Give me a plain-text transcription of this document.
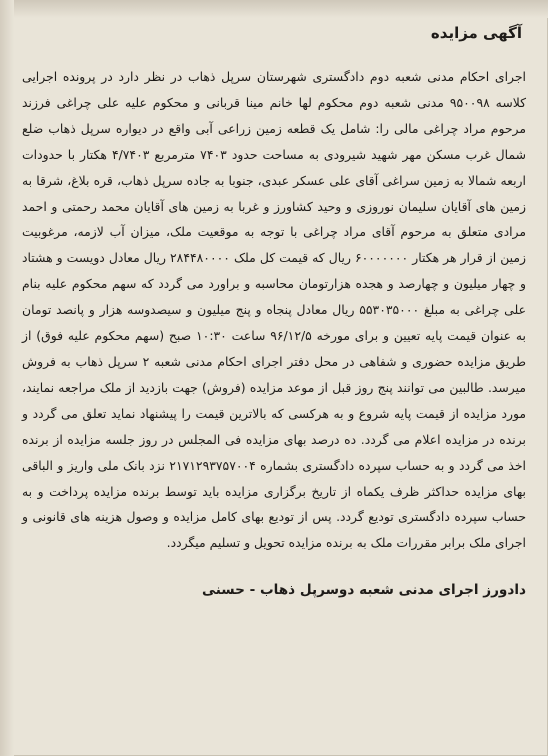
آگهی مزایده

اجرای احکام مدنی شعبه دوم دادگستری شهرستان سرپل ذهاب در نظر دارد در پرونده اجرایی کلاسه ۹۵۰۰۹۸ مدنی شعبه دوم محکوم لها خانم مینا قربانی و محکوم علیه علی چراغی فرزند مرحوم مراد چراغی مالی را: شامل یک قطعه زمین زراعی آبی واقع در دیواره سرپل ذهاب ضلع شمال غرب مسکن مهر شهید شیرودی به مساحت حدود ۷۴۰۳ مترمربع ۴/۷۴۰۳ هکتار با حدودات اربعه شمالا به زمین سراغی آقای علی عسکر عبدی، جنوبا به جاده سرپل ذهاب، قره بلاغ، شرقا به زمین های آقایان سلیمان نوروزی و وحید کشاورز و غربا به زمین های آقایان محمد رحمتی و احمد مرادی متعلق به مرحوم آقای مراد چراغی با توجه به موقعیت ملک، میزان آب لازمه، مرغوبیت زمین از قرار هر هکتار ۶۰۰۰۰۰۰۰ ریال که قیمت کل ملک ۲۸۴۴۸۰۰۰۰ ریال معادل دویست و هشتاد و چهار میلیون و چهارصد و هجده هزارتومان محاسبه و براورد می گردد که سهم محکوم علیه بنام علی چراغی به مبلغ ۵۵۳۰۳۵۰۰۰ ریال معادل پنجاه و پنج میلیون و سیصدوسه هزار و پانصد تومان به عنوان قیمت پایه تعیین و برای مورخه ۹۶/۱۲/۵ ساعت ۱۰:۳۰ صبح (سهم محکوم علیه فوق) از طریق مزایده حضوری و شفاهی در محل دفتر اجرای احکام مدنی شعبه ۲ سرپل ذهاب به فروش میرسد. طالبین می توانند پنج روز قبل از موعد مزایده (فروش) جهت بازدید از ملک مراجعه نمایند، مورد مزایده از قیمت پایه شروع و به هرکسی که بالاترین قیمت را پیشنهاد نماید تعلق می گردد و برنده در مزایده اعلام می گردد. ده درصد بهای مزایده فی المجلس در روز جلسه مزایده از برنده اخذ می گردد و به حساب سپرده دادگستری بشماره ۲۱۷۱۲۹۳۷۵۷۰۰۴ نزد بانک ملی واریز و الباقی بهای مزایده حداکثر ظرف یکماه از تاریخ برگزاری مزایده باید توسط برنده مزایده پرداخت و به حساب سپرده دادگستری تودیع گردد. پس از تودیع بهای کامل مزایده و وصول هزینه های قانونی و اجرای ملک برابر مقررات ملک به برنده مزایده تحویل و تسلیم میگردد.

دادورز اجرای مدنی شعبه دوسرپل ذهاب - حسنی
